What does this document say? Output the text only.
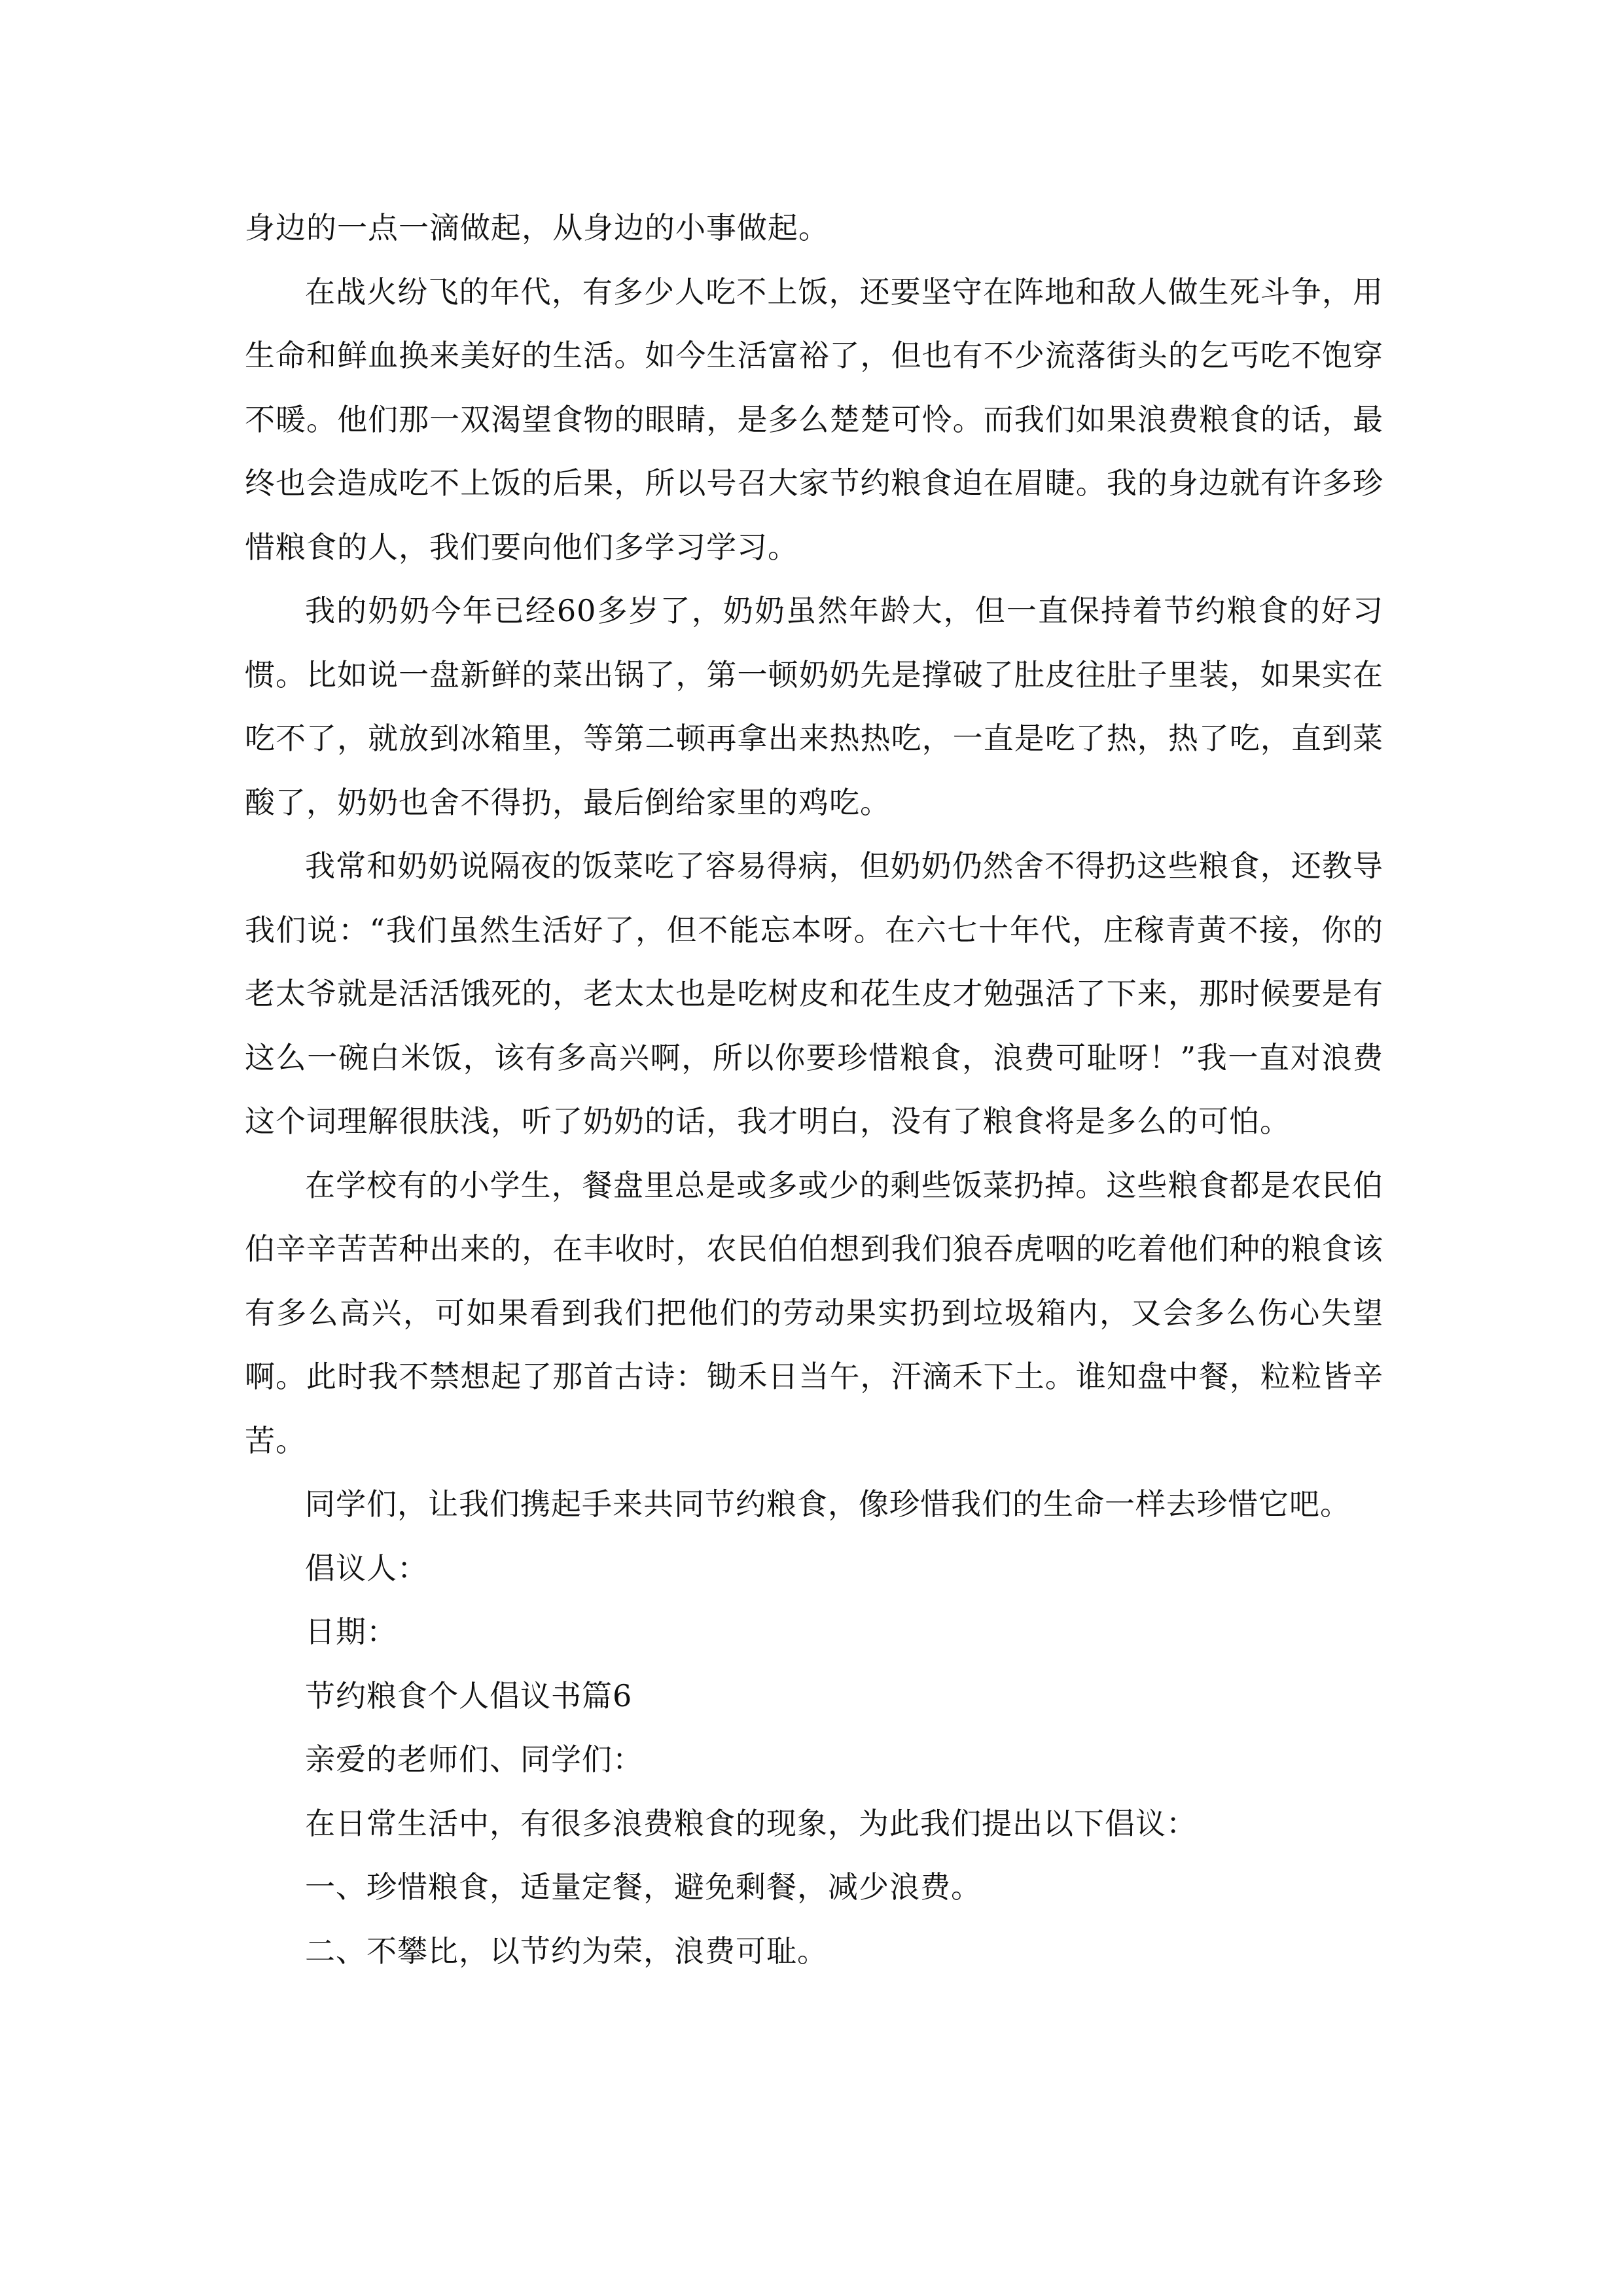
身边的一点一滴做起，从身边的小事做起。

在战火纷飞的年代，有多少人吃不上饭，还要坚守在阵地和敌人做生死斗争，用生命和鲜血换来美好的生活。如今生活富裕了，但也有不少流落街头的乞丐吃不饱穿不暖。他们那一双渴望食物的眼睛，是多么楚楚可怜。而我们如果浪费粮食的话，最终也会造成吃不上饭的后果，所以号召大家节约粮食迫在眉睫。我的身边就有许多珍惜粮食的人，我们要向他们多学习学习。

我的奶奶今年已经60多岁了，奶奶虽然年龄大，但一直保持着节约粮食的好习惯。比如说一盘新鲜的菜出锅了，第一顿奶奶先是撑破了肚皮往肚子里装，如果实在吃不了，就放到冰箱里，等第二顿再拿出来热热吃，一直是吃了热，热了吃，直到菜酸了，奶奶也舍不得扔，最后倒给家里的鸡吃。

我常和奶奶说隔夜的饭菜吃了容易得病，但奶奶仍然舍不得扔这些粮食，还教导我们说：“我们虽然生活好了，但不能忘本呀。在六七十年代，庄稼青黄不接，你的老太爷就是活活饿死的，老太太也是吃树皮和花生皮才勉强活了下来，那时候要是有这么一碗白米饭，该有多高兴啊，所以你要珍惜粮食，浪费可耻呀！”我一直对浪费这个词理解很肤浅，听了奶奶的话，我才明白，没有了粮食将是多么的可怕。

在学校有的小学生，餐盘里总是或多或少的剩些饭菜扔掉。这些粮食都是农民伯伯辛辛苦苦种出来的，在丰收时，农民伯伯想到我们狼吞虎咽的吃着他们种的粮食该有多么高兴，可如果看到我们把他们的劳动果实扔到垃圾箱内，又会多么伤心失望啊。此时我不禁想起了那首古诗：锄禾日当午，汗滴禾下土。谁知盘中餐，粒粒皆辛苦。

同学们，让我们携起手来共同节约粮食，像珍惜我们的生命一样去珍惜它吧。

倡议人：

日期：

节约粮食个人倡议书篇6

亲爱的老师们、同学们：

在日常生活中，有很多浪费粮食的现象，为此我们提出以下倡议：

一、珍惜粮食，适量定餐，避免剩餐，减少浪费。

二、不攀比，以节约为荣，浪费可耻。
